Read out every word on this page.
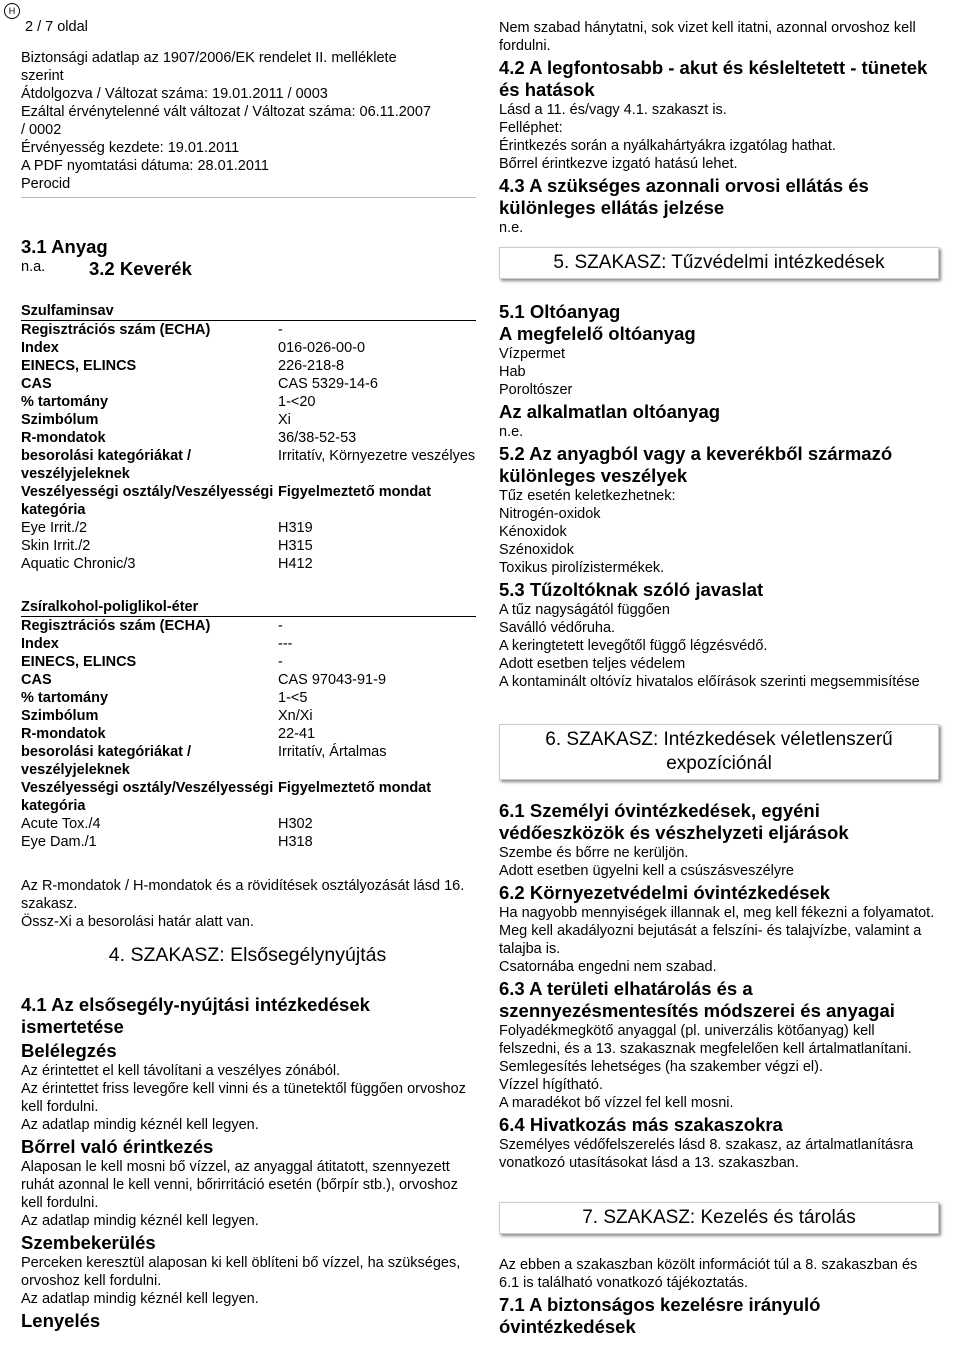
H
2 / 7 oldal

Biztonsági adatlap az 1907/2006/EK rendelet II. melléklete

szerint

Átdolgozva / Változat száma: 19.01.2011 / 0003

Ezáltal érvénytelenné vált változat / Változat száma: 06.11.2007

/ 0002

Érvényesség kezdete: 19.01.2011

A PDF nyomtatási dátuma: 28.01.2011

Perocid

3.1 Anyag

n.a.	3.2 Keverék
Szulfaminsav
Regisztrációs szám (ECHA)	-
Index	016-026-00-0
EINECS, ELINCS	226-218-8
CAS	CAS 5329-14-6
% tartomány	1-<20
Szimbólum	Xi
R-mondatok	36/38-52-53
besorolási kategóriákat / veszélyjeleknek	Irritatív, Környezetre veszélyes
Veszélyességi osztály/Veszélyességi kategória	Figyelmeztető mondat
Eye Irrit./2	H319
Skin Irrit./2	H315
Aquatic Chronic/3	H412
Zsíralkohol-poliglikol-éter
Regisztrációs szám (ECHA)	-
Index	---
EINECS, ELINCS	-
CAS	CAS 97043-91-9
% tartomány	1-<5
Szimbólum	Xn/Xi
R-mondatok	22-41
besorolási kategóriákat / veszélyjeleknek	Irritatív, Ártalmas
Veszélyességi osztály/Veszélyességi kategória	Figyelmeztető mondat
Acute Tox./4	H302
Eye Dam./1	H318

Az R-mondatok / H-mondatok és a rövidítések osztályozását lásd 16. szakasz.

Össz-Xi a besorolási határ alatt van.

4. SZAKASZ: Elsősegélynyújtás
4.1 Az elsősegély-nyújtási intézkedések ismertetése
Belélegzés

Az érintettet el kell távolítani a veszélyes zónából.

Az érintettet friss levegőre kell vinni és a tünetektől függően orvoshoz kell fordulni.

Az adatlap mindig kéznél kell legyen.

Bőrrel való érintkezés

Alaposan le kell mosni bő vízzel, az anyaggal átitatott, szennyezett ruhát azonnal le kell venni, bőrirritáció esetén (bőrpír stb.), orvoshoz kell fordulni.

Az adatlap mindig kéznél kell legyen.

Szembekerülés

Perceken keresztül alaposan ki kell öblíteni bő vízzel, ha szükséges, orvoshoz kell fordulni.

Az adatlap mindig kéznél kell legyen.

Lenyelés

Nem szabad hánytatni, sok vizet kell itatni, azonnal orvoshoz kell fordulni.

4.2 A legfontosabb - akut és késleltetett - tünetek és hatások

Lásd a 11. és/vagy 4.1. szakaszt is.

Felléphet:

Érintkezés során a nyálkahártyákra izgatólag hathat.

Bőrrel érintkezve izgató hatású lehet.

4.3 A szükséges azonnali orvosi ellátás és különleges ellátás jelzése

n.e.

5. SZAKASZ: Tűzvédelmi intézkedések
5.1 Oltóanyag
A megfelelő oltóanyag

Vízpermet

Hab

Poroltószer

Az alkalmatlan oltóanyag

n.e.

5.2 Az anyagból vagy a keverékből származó különleges veszélyek

Tűz esetén keletkezhetnek:

Nitrogén-oxidok

Kénoxidok

Szénoxidok

Toxikus pirolízistermékek.

5.3 Tűzoltóknak szóló javaslat

A tűz nagyságától függően

Saválló védőruha.

A keringtetett levegőtől függő légzésvédő.

Adott esetben teljes védelem

A kontaminált oltóvíz hivatalos előírások szerinti megsemmisítése

6. SZAKASZ: Intézkedések véletlenszerű expozíciónál
6.1 Személyi óvintézkedések, egyéni védőeszközök és vészhelyzeti eljárások

Szembe és bőrre ne kerüljön.

Adott esetben ügyelni kell a csúszásveszélyre

6.2 Környezetvédelmi óvintézkedések

Ha nagyobb mennyiségek illannak el, meg kell fékezni a folyamatot.

Meg kell akadályozni bejutását a felszíni- és talajvízbe, valamint a talajba is.

Csatornába engedni nem szabad.

6.3 A területi elhatárolás és a szennyezésmentesítés módszerei és anyagai

Folyadékmegkötő anyaggal (pl. univerzális kötőanyag) kell felszedni, és a 13. szakasznak megfelelően kell ártalmatlanítani.

Semlegesítés lehetséges (ha szakember végzi el).

Vízzel hígítható.

A maradékot bő vízzel fel kell mosni.

6.4 Hivatkozás más szakaszokra

Személyes védőfelszerelés lásd 8. szakasz, az ártalmatlanításra vonatkozó utasításokat lásd a 13. szakaszban.

7. SZAKASZ: Kezelés és tárolás

Az ebben a szakaszban közölt információt túl a 8. szakaszban és 6.1 is található vonatkozó tájékoztatás.

7.1 A biztonságos kezelésre irányuló óvintézkedések
